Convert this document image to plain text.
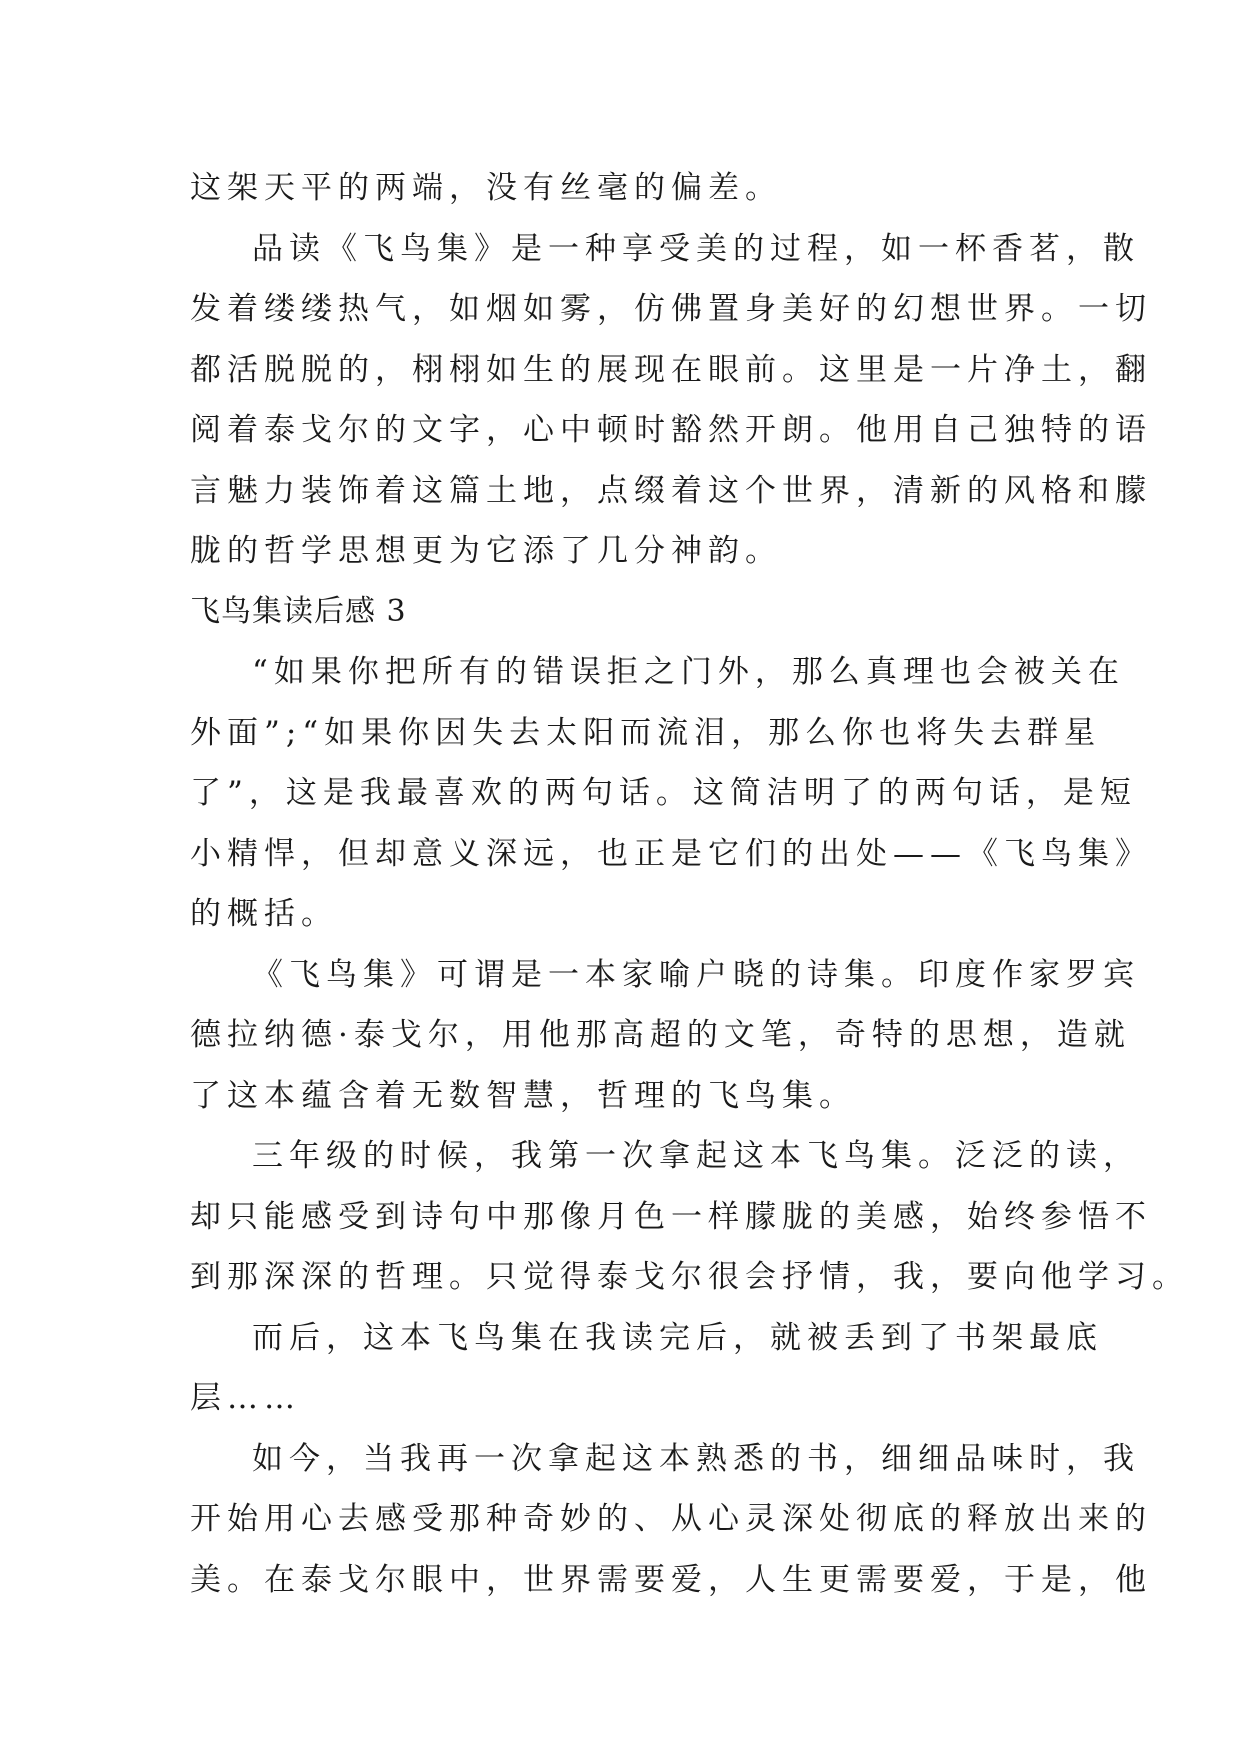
这架天平的两端，没有丝毫的偏差。
品读《飞鸟集》是一种享受美的过程，如一杯香茗，散
发着缕缕热气，如烟如雾，仿佛置身美好的幻想世界。一切
都活脱脱的，栩栩如生的展现在眼前。这里是一片净土，翻
阅着泰戈尔的文字，心中顿时豁然开朗。他用自己独特的语
言魅力装饰着这篇土地，点缀着这个世界，清新的风格和朦
胧的哲学思想更为它添了几分神韵。
飞鸟集读后感 3
“如果你把所有的错误拒之门外，那么真理也会被关在
外面”;“如果你因失去太阳而流泪，那么你也将失去群星
了”，这是我最喜欢的两句话。这简洁明了的两句话，是短
小精悍，但却意义深远，也正是它们的出处——《飞鸟集》
的概括。
《飞鸟集》可谓是一本家喻户晓的诗集。印度作家罗宾
德拉纳德·泰戈尔，用他那高超的文笔，奇特的思想，造就
了这本蕴含着无数智慧，哲理的飞鸟集。
三年级的时候，我第一次拿起这本飞鸟集。泛泛的读，
却只能感受到诗句中那像月色一样朦胧的美感，始终参悟不
到那深深的哲理。只觉得泰戈尔很会抒情，我，要向他学习。
而后，这本飞鸟集在我读完后，就被丢到了书架最底
层……
如今，当我再一次拿起这本熟悉的书，细细品味时，我
开始用心去感受那种奇妙的、从心灵深处彻底的释放出来的
美。在泰戈尔眼中，世界需要爱，人生更需要爱，于是，他
